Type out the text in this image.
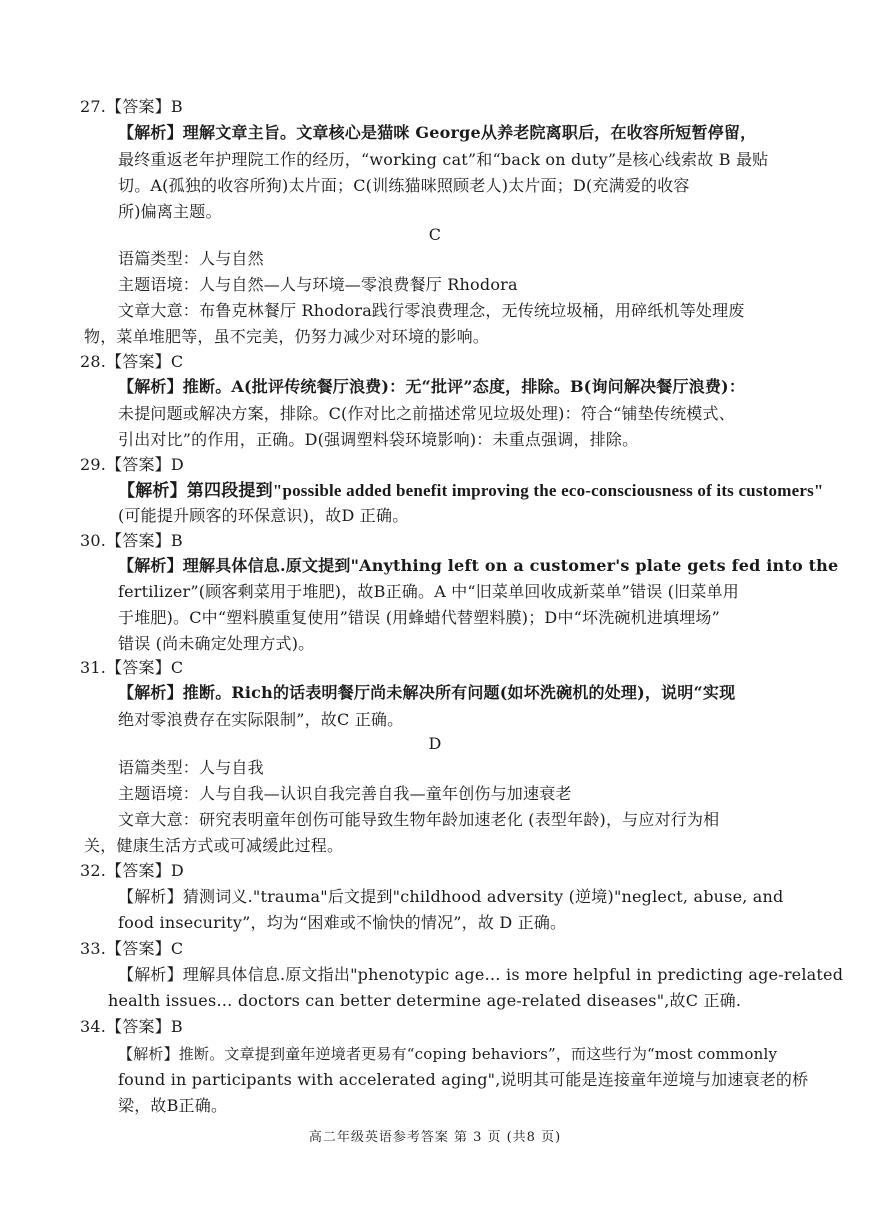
27.【答案】B
【解析】理解文章主旨。文章核心是猫咪 George从养老院离职后，在收容所短暂停留，
最终重返老年护理院工作的经历，“working cat”和“back on duty”是核心线索故 B 最贴
切。A(孤独的收容所狗)太片面；C(训练猫咪照顾老人)太片面；D(充满爱的收容
所)偏离主题。
C
语篇类型：人与自然
主题语境：人与自然—人与环境—零浪费餐厅 Rhodora
文章大意：布鲁克林餐厅 Rhodora践行零浪费理念，无传统垃圾桶，用碎纸机等处理废
物，菜单堆肥等，虽不完美，仍努力减少对环境的影响。
28.【答案】C
【解析】推断。A(批评传统餐厅浪费)：无“批评”态度，排除。B(询问解决餐厅浪费)：
未提问题或解决方案，排除。C(作对比之前描述常见垃圾处理)：符合“铺垫传统模式、
引出对比”的作用，正确。D(强调塑料袋环境影响)：未重点强调，排除。
29.【答案】D
【解析】第四段提到"possible added benefit improving the eco-consciousness of its customers"
(可能提升顾客的环保意识)，故D 正确。
30.【答案】B
【解析】理解具体信息.原文提到"Anything left on a customer's plate gets fed into the
fertilizer”(顾客剩菜用于堆肥)，故B正确。A 中“旧菜单回收成新菜单”错误 (旧菜单用
于堆肥)。C中“塑料膜重复使用”错误 (用蜂蜡代替塑料膜)；D中“坏洗碗机进填埋场”
错误 (尚未确定处理方式)。
31.【答案】C
【解析】推断。Rich的话表明餐厅尚未解决所有问题(如坏洗碗机的处理)，说明“实现
绝对零浪费存在实际限制”，故C 正确。
D
语篇类型：人与自我
主题语境：人与自我—认识自我完善自我—童年创伤与加速衰老
文章大意：研究表明童年创伤可能导致生物年龄加速老化 (表型年龄)，与应对行为相
关，健康生活方式或可减缓此过程。
32.【答案】D
【解析】猜测词义."trauma"后文提到"childhood adversity (逆境)"neglect, abuse, and
food insecurity”，均为“困难或不愉快的情况”，故 D 正确。
33.【答案】C
【解析】理解具体信息.原文指出"phenotypic age… is more helpful in predicting age-related
health issues… doctors can better determine age-related diseases",故C 正确.
34.【答案】B
【解析】推断。文章提到童年逆境者更易有“coping behaviors”，而这些行为“most commonly
found in participants with accelerated aging",说明其可能是连接童年逆境与加速衰老的桥
梁，故B正确。
高二年级英语参考答案 第 3 页 (共8 页)
